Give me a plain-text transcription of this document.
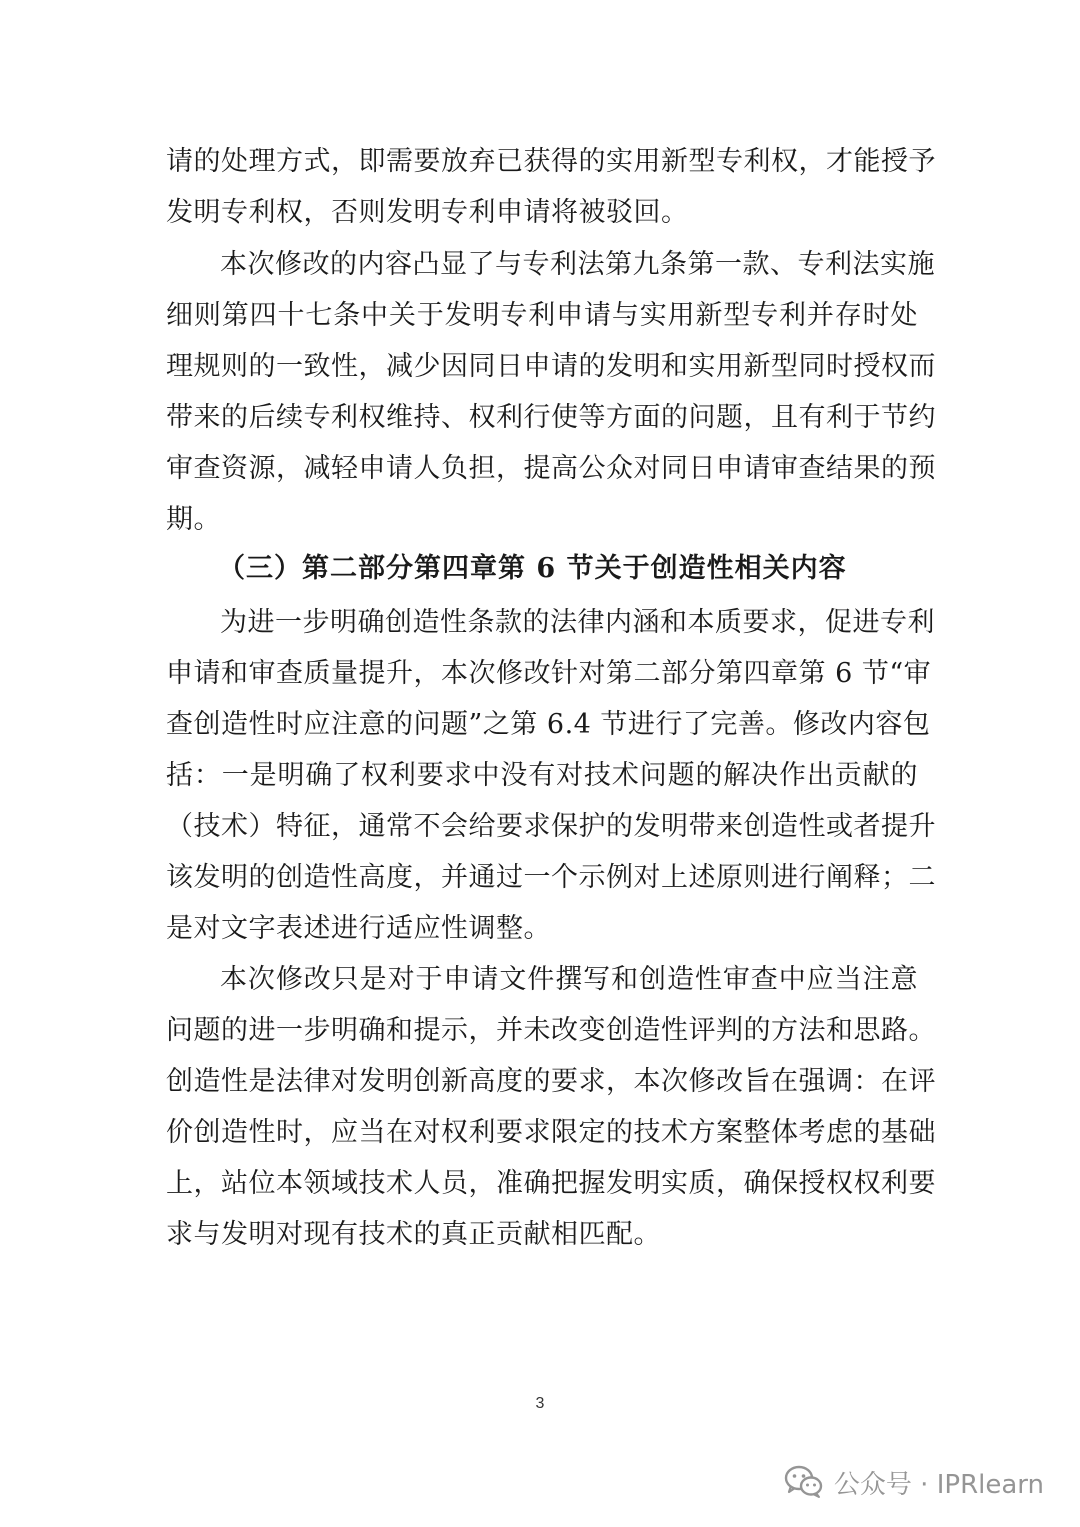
请的处理方式，即需要放弃已获得的实用新型专利权，才能授予
发明专利权，否则发明专利申请将被驳回。
本次修改的内容凸显了与专利法第九条第一款、专利法实施
细则第四十七条中关于发明专利申请与实用新型专利并存时处
理规则的一致性，减少因同日申请的发明和实用新型同时授权而
带来的后续专利权维持、权利行使等方面的问题，且有利于节约
审查资源，减轻申请人负担，提高公众对同日申请审查结果的预
期。
（三）第二部分第四章第 6 节关于创造性相关内容
为进一步明确创造性条款的法律内涵和本质要求，促进专利
申请和审查质量提升，本次修改针对第二部分第四章第 6 节“审
查创造性时应注意的问题”之第 6.4 节进行了完善。修改内容包
括：一是明确了权利要求中没有对技术问题的解决作出贡献的
（技术）特征，通常不会给要求保护的发明带来创造性或者提升
该发明的创造性高度，并通过一个示例对上述原则进行阐释；二
是对文字表述进行适应性调整。
本次修改只是对于申请文件撰写和创造性审查中应当注意
问题的进一步明确和提示，并未改变创造性评判的方法和思路。
创造性是法律对发明创新高度的要求，本次修改旨在强调：在评
价创造性时，应当在对权利要求限定的技术方案整体考虑的基础
上，站位本领域技术人员，准确把握发明实质，确保授权权利要
求与发明对现有技术的真正贡献相匹配。
3
公众号 · IPRlearn
